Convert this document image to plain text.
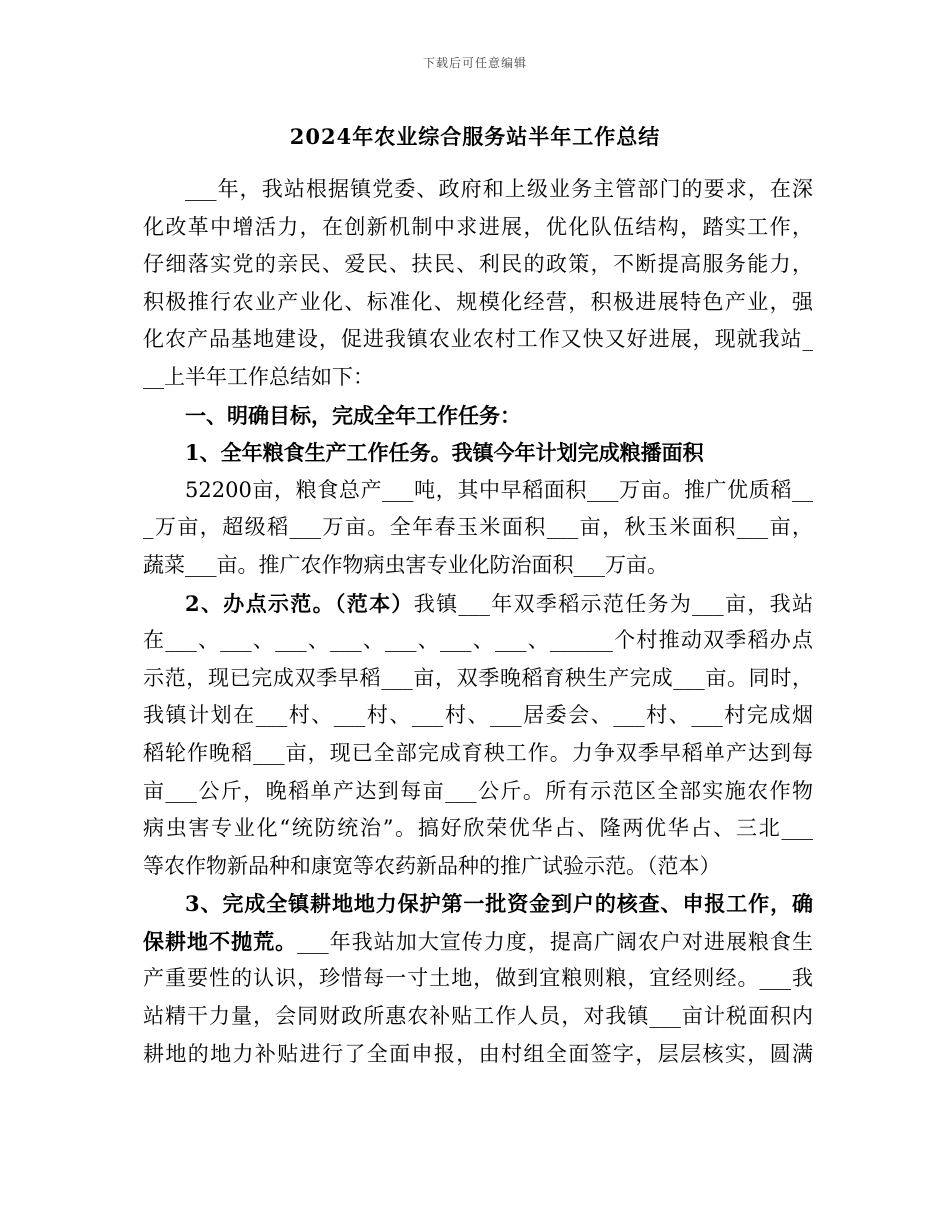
下载后可任意编辑
2024年农业综合服务站半年工作总结
___年，我站根据镇党委、政府和上级业务主管部门的要求，在深
化改革中增活力，在创新机制中求进展，优化队伍结构，踏实工作，
仔细落实党的亲民、爱民、扶民、利民的政策，不断提高服务能力，
积极推行农业产业化、标准化、规模化经营，积极进展特色产业，强
化农产品基地建设，促进我镇农业农村工作又快又好进展，现就我站_
__上半年工作总结如下：
一、明确目标，完成全年工作任务：
1、全年粮食生产工作任务。我镇今年计划完成粮播面积
52200亩，粮食总产___吨，其中早稻面积___万亩。推广优质稻__
_万亩，超级稻___万亩。全年春玉米面积___亩，秋玉米面积___亩，
蔬菜___亩。推广农作物病虫害专业化防治面积___万亩。
2、办点示范。（范本）我镇___年双季稻示范任务为___亩，我站
在___、___、___、___、___、___、___、______个村推动双季稻办点
示范，现已完成双季早稻___亩，双季晚稻育秧生产完成___亩。同时，
我镇计划在___村、___村、___村、___居委会、___村、___村完成烟
稻轮作晚稻___亩，现已全部完成育秧工作。力争双季早稻单产达到每
亩___公斤，晚稻单产达到每亩___公斤。所有示范区全部实施农作物
病虫害专业化“统防统治”。搞好欣荣优华占、隆两优华占、三北___
等农作物新品种和康宽等农药新品种的推广试验示范。（范本）
3、完成全镇耕地地力保护第一批资金到户的核查、申报工作，确
保耕地不抛荒。___年我站加大宣传力度，提高广阔农户对进展粮食生
产重要性的认识，珍惜每一寸土地，做到宜粮则粮，宜经则经。___我
站精干力量，会同财政所惠农补贴工作人员，对我镇___亩计税面积内
耕地的地力补贴进行了全面申报，由村组全面签字，层层核实，圆满
